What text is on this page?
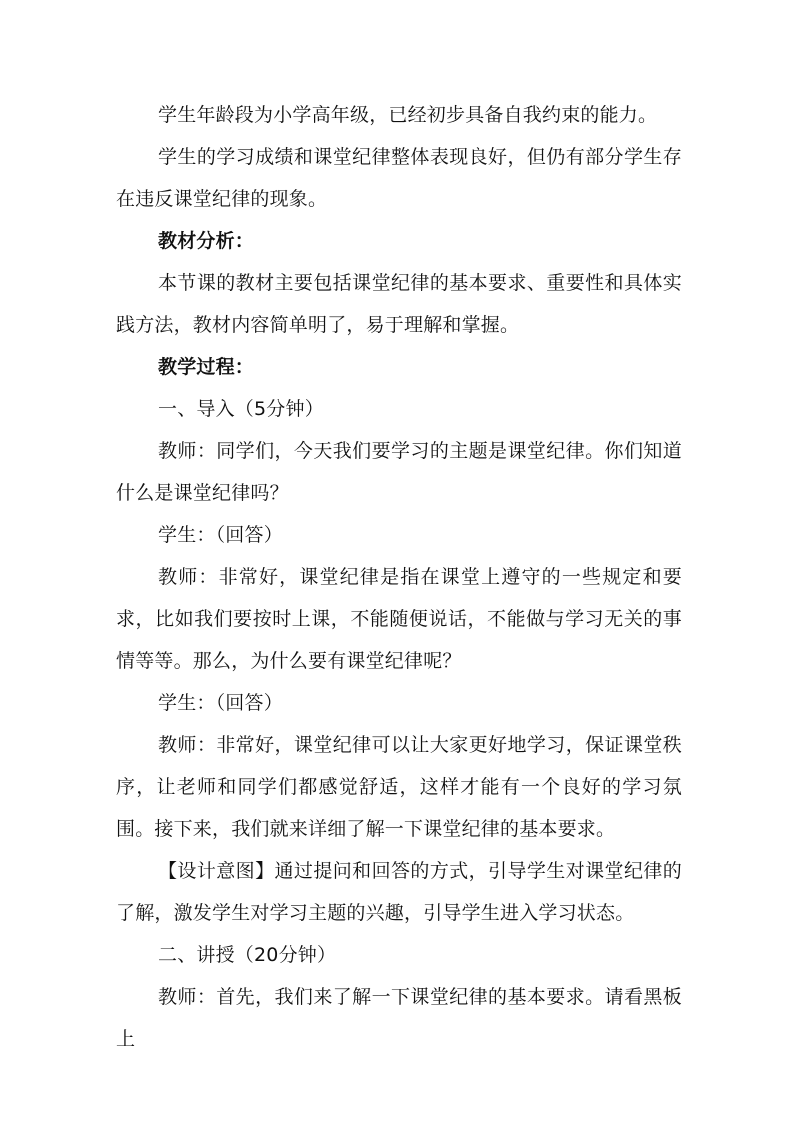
学生年龄段为小学高年级，已经初步具备自我约束的能力。

学生的学习成绩和课堂纪律整体表现良好，但仍有部分学生存在违反课堂纪律的现象。

教材分析：

本节课的教材主要包括课堂纪律的基本要求、重要性和具体实践方法，教材内容简单明了，易于理解和掌握。

教学过程：

一、导入（5分钟）

教师：同学们，今天我们要学习的主题是课堂纪律。你们知道什么是课堂纪律吗？

学生：（回答）

教师：非常好，课堂纪律是指在课堂上遵守的一些规定和要求，比如我们要按时上课，不能随便说话，不能做与学习无关的事情等等。那么，为什么要有课堂纪律呢？

学生：（回答）

教师：非常好，课堂纪律可以让大家更好地学习，保证课堂秩序，让老师和同学们都感觉舒适，这样才能有一个良好的学习氛围。接下来，我们就来详细了解一下课堂纪律的基本要求。

【设计意图】通过提问和回答的方式，引导学生对课堂纪律的了解，激发学生对学习主题的兴趣，引导学生进入学习状态。

二、讲授（20分钟）

教师：首先，我们来了解一下课堂纪律的基本要求。请看黑板上
